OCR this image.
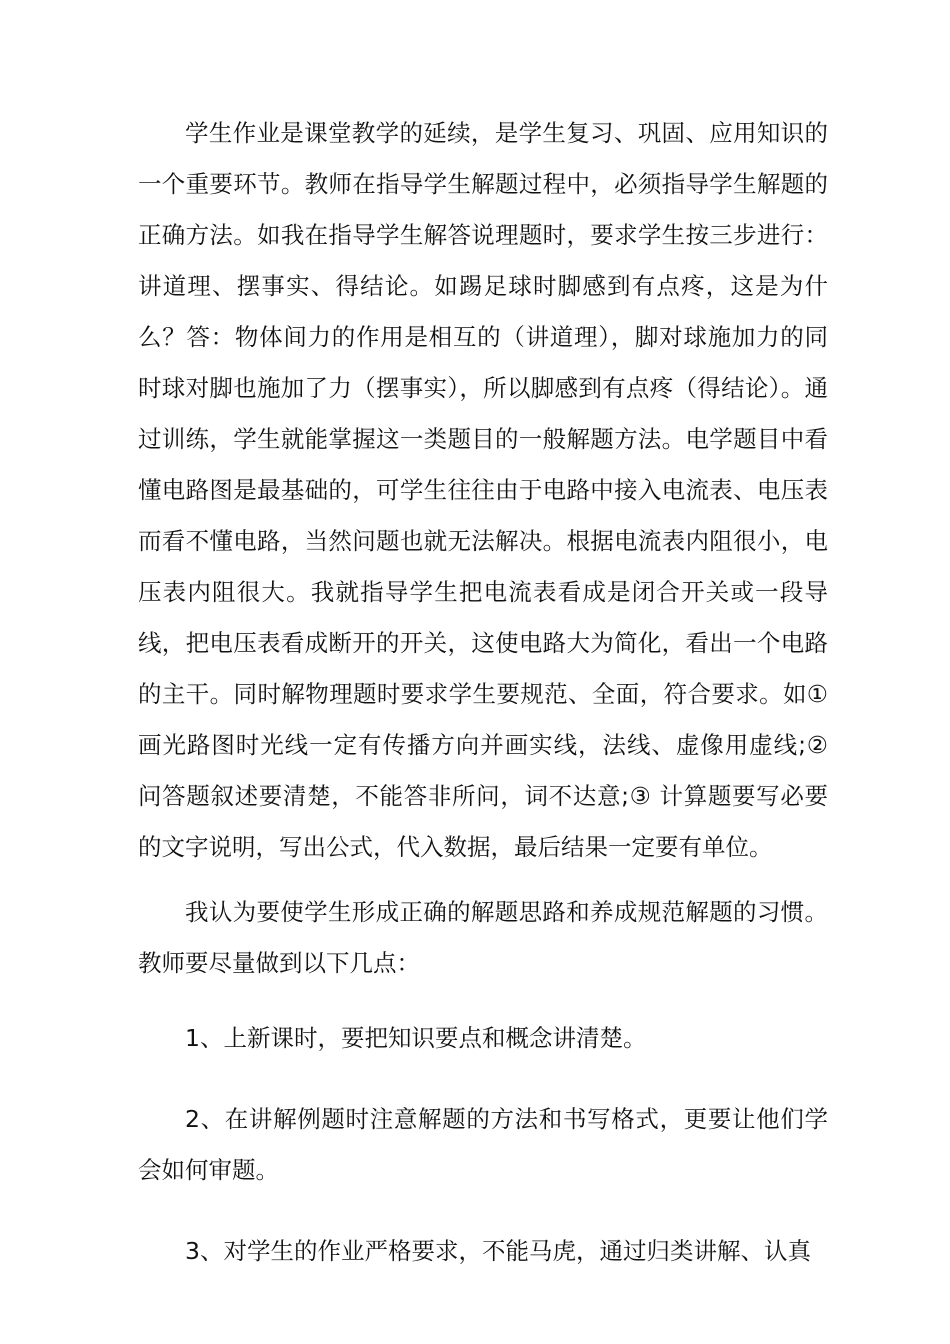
学生作业是课堂教学的延续，是学生复习、巩固、应用知识的一个重要环节。教师在指导学生解题过程中，必须指导学生解题的正确方法。如我在指导学生解答说理题时，要求学生按三步进行：讲道理、摆事实、得结论。如踢足球时脚感到有点疼，这是为什么？答：物体间力的作用是相互的（讲道理），脚对球施加力的同时球对脚也施加了力（摆事实），所以脚感到有点疼（得结论）。通过训练，学生就能掌握这一类题目的一般解题方法。电学题目中看懂电路图是最基础的，可学生往往由于电路中接入电流表、电压表而看不懂电路，当然问题也就无法解决。根据电流表内阻很小，电压表内阻很大。我就指导学生把电流表看成是闭合开关或一段导线，把电压表看成断开的开关，这使电路大为简化，看出一个电路的主干。同时解物理题时要求学生要规范、全面，符合要求。如①画光路图时光线一定有传播方向并画实线，法线、虚像用虚线;② 问答题叙述要清楚，不能答非所问，词不达意;③ 计算题要写必要的文字说明，写出公式，代入数据，最后结果一定要有单位。

我认为要使学生形成正确的解题思路和养成规范解题的习惯。教师要尽量做到以下几点：

1、上新课时，要把知识要点和概念讲清楚。

2、在讲解例题时注意解题的方法和书写格式，更要让他们学会如何审题。

3、对学生的作业严格要求，不能马虎，通过归类讲解、认真
